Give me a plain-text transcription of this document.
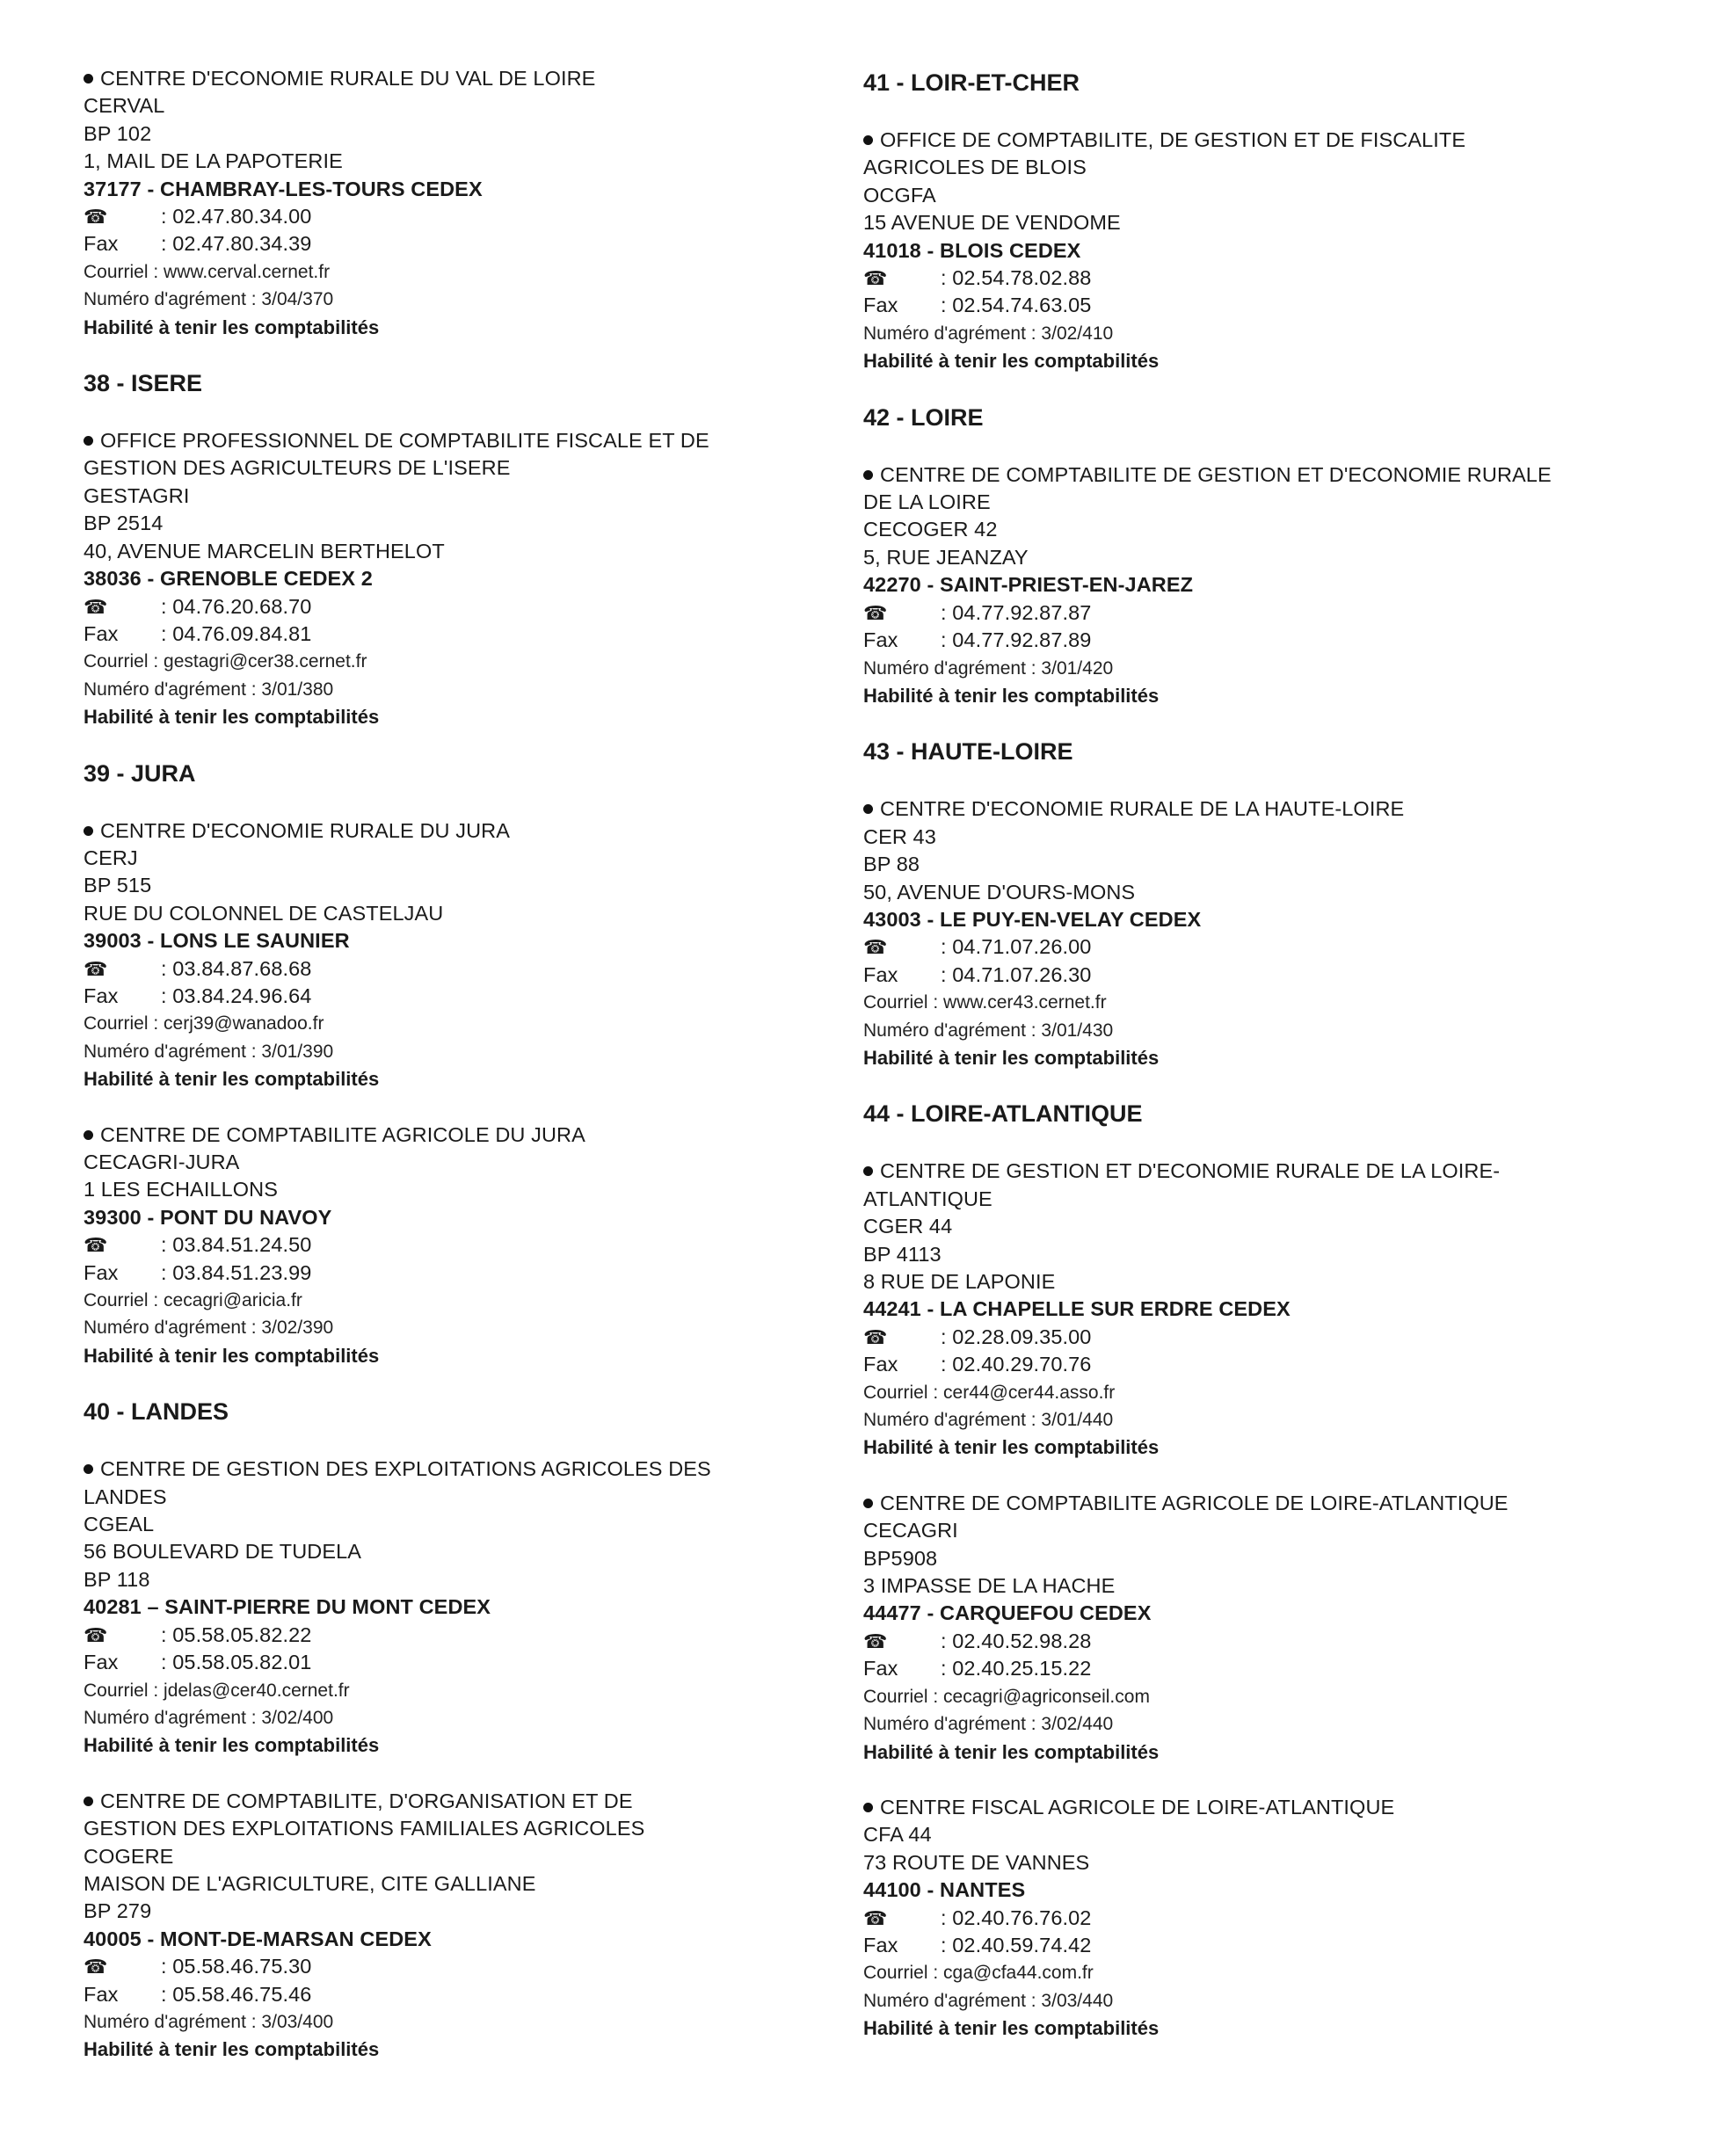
CENTRE D'ECONOMIE RURALE DU VAL DE LOIRE
CERVAL
BP 102
1, MAIL DE LA PAPOTERIE
37177 - CHAMBRAY-LES-TOURS CEDEX
☎	: 02.47.80.34.00
Fax : 02.47.80.34.39
Courriel : www.cerval.cernet.fr
Numéro d'agrément : 3/04/370
Habilité à tenir les comptabilités
38 - ISERE
OFFICE PROFESSIONNEL DE COMPTABILITE FISCALE ET DE GESTION DES AGRICULTEURS DE L'ISERE
GESTAGRI
BP 2514
40, AVENUE MARCELIN BERTHELOT
38036 - GRENOBLE CEDEX 2
☎	: 04.76.20.68.70
Fax : 04.76.09.84.81
Courriel : gestagri@cer38.cernet.fr
Numéro d'agrément : 3/01/380
Habilité à tenir les comptabilités
39 - JURA
CENTRE D'ECONOMIE RURALE DU JURA
CERJ
BP 515
RUE DU COLONNEL DE CASTELJAU
39003 - LONS LE SAUNIER
☎	: 03.84.87.68.68
Fax : 03.84.24.96.64
Courriel : cerj39@wanadoo.fr
Numéro d'agrément : 3/01/390
Habilité à tenir les comptabilités
CENTRE DE COMPTABILITE AGRICOLE DU JURA
CECAGRI-JURA
1 LES ECHAILLONS
39300 - PONT DU NAVOY
☎	: 03.84.51.24.50
Fax : 03.84.51.23.99
Courriel : cecagri@aricia.fr
Numéro d'agrément : 3/02/390
Habilité à tenir les comptabilités
40 - LANDES
CENTRE DE GESTION DES EXPLOITATIONS AGRICOLES DES LANDES
CGEAL
56 BOULEVARD DE TUDELA
BP 118
40281 – SAINT-PIERRE DU MONT CEDEX
☎	: 05.58.05.82.22
Fax : 05.58.05.82.01
Courriel : jdelas@cer40.cernet.fr
Numéro d'agrément : 3/02/400
Habilité à tenir les comptabilités
CENTRE DE COMPTABILITE, D'ORGANISATION ET DE GESTION DES EXPLOITATIONS FAMILIALES AGRICOLES
COGERE
MAISON DE L'AGRICULTURE, CITE GALLIANE
BP 279
40005 - MONT-DE-MARSAN CEDEX
☎	: 05.58.46.75.30
Fax : 05.58.46.75.46
Numéro d'agrément : 3/03/400
Habilité à tenir les comptabilités
41 - LOIR-ET-CHER
OFFICE DE COMPTABILITE, DE GESTION ET DE FISCALITE AGRICOLES DE BLOIS
OCGFA
15 AVENUE DE VENDOME
41018 - BLOIS CEDEX
☎	: 02.54.78.02.88
Fax : 02.54.74.63.05
Numéro d'agrément : 3/02/410
Habilité à tenir les comptabilités
42 - LOIRE
CENTRE DE COMPTABILITE DE GESTION ET D'ECONOMIE RURALE DE LA LOIRE
CECOGER 42
5, RUE JEANZAY
42270 - SAINT-PRIEST-EN-JAREZ
☎	: 04.77.92.87.87
Fax : 04.77.92.87.89
Numéro d'agrément : 3/01/420
Habilité à tenir les comptabilités
43 - HAUTE-LOIRE
CENTRE D'ECONOMIE RURALE DE LA HAUTE-LOIRE
CER 43
BP 88
50, AVENUE D'OURS-MONS
43003 - LE PUY-EN-VELAY CEDEX
☎	: 04.71.07.26.00
Fax : 04.71.07.26.30
Courriel : www.cer43.cernet.fr
Numéro d'agrément : 3/01/430
Habilité à tenir les comptabilités
44 - LOIRE-ATLANTIQUE
CENTRE DE GESTION ET D'ECONOMIE RURALE DE LA LOIRE-ATLANTIQUE
CGER 44
BP 4113
8 RUE DE LAPONIE
44241 - LA CHAPELLE SUR ERDRE CEDEX
☎	: 02.28.09.35.00
Fax : 02.40.29.70.76
Courriel : cer44@cer44.asso.fr
Numéro d'agrément : 3/01/440
Habilité à tenir les comptabilités
CENTRE DE COMPTABILITE AGRICOLE DE LOIRE-ATLANTIQUE
CECAGRI
BP5908
3 IMPASSE DE LA HACHE
44477 - CARQUEFOU CEDEX
☎	: 02.40.52.98.28
Fax : 02.40.25.15.22
Courriel : cecagri@agriconseil.com
Numéro d'agrément : 3/02/440
Habilité à tenir les comptabilités
CENTRE FISCAL AGRICOLE DE LOIRE-ATLANTIQUE
CFA 44
73 ROUTE DE VANNES
44100 - NANTES
☎	: 02.40.76.76.02
Fax : 02.40.59.74.42
Courriel : cga@cfa44.com.fr
Numéro d'agrément : 3/03/440
Habilité à tenir les comptabilités
